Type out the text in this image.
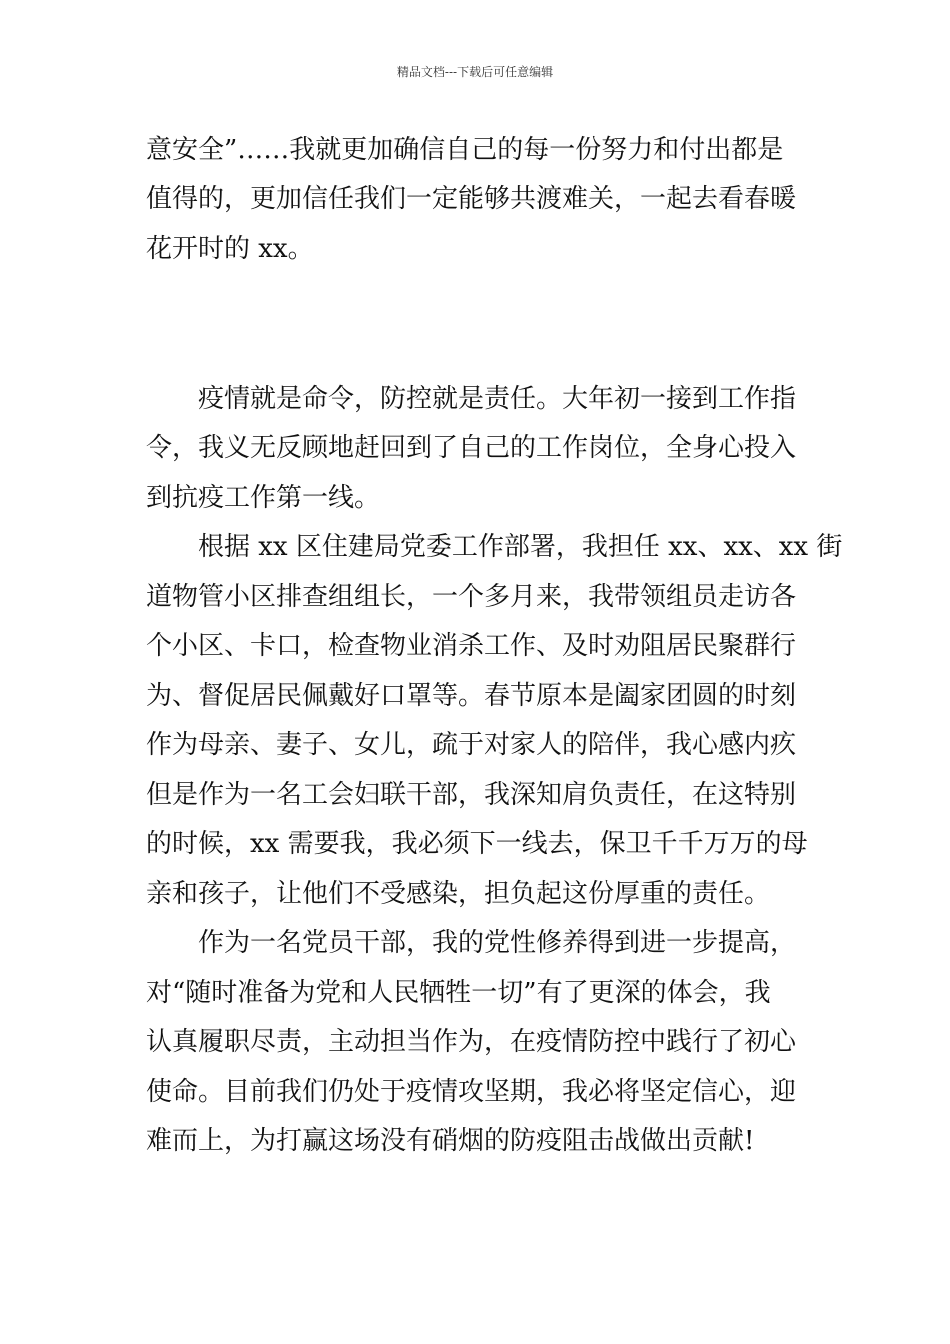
精品文档---下载后可任意编辑
意安全”……我就更加确信自己的每一份努力和付出都是
值得的，更加信任我们一定能够共渡难关，一起去看春暖
花开时的 xx。
疫情就是命令，防控就是责任。大年初一接到工作指
令，我义无反顾地赶回到了自己的工作岗位，全身心投入
到抗疫工作第一线。
根据 xx 区住建局党委工作部署，我担任 xx、xx、xx 街
道物管小区排查组组长，一个多月来，我带领组员走访各
个小区、卡口，检查物业消杀工作、及时劝阻居民聚群行
为、督促居民佩戴好口罩等。春节原本是阖家团圆的时刻
作为母亲、妻子、女儿，疏于对家人的陪伴，我心感内疚
但是作为一名工会妇联干部，我深知肩负责任，在这特别
的时候，xx 需要我，我必须下一线去，保卫千千万万的母
亲和孩子，让他们不受感染，担负起这份厚重的责任。
作为一名党员干部，我的党性修养得到进一步提高，
对“随时准备为党和人民牺牲一切”有了更深的体会，我
认真履职尽责，主动担当作为，在疫情防控中践行了初心
使命。目前我们仍处于疫情攻坚期，我必将坚定信心，迎
难而上，为打赢这场没有硝烟的防疫阻击战做出贡献!
